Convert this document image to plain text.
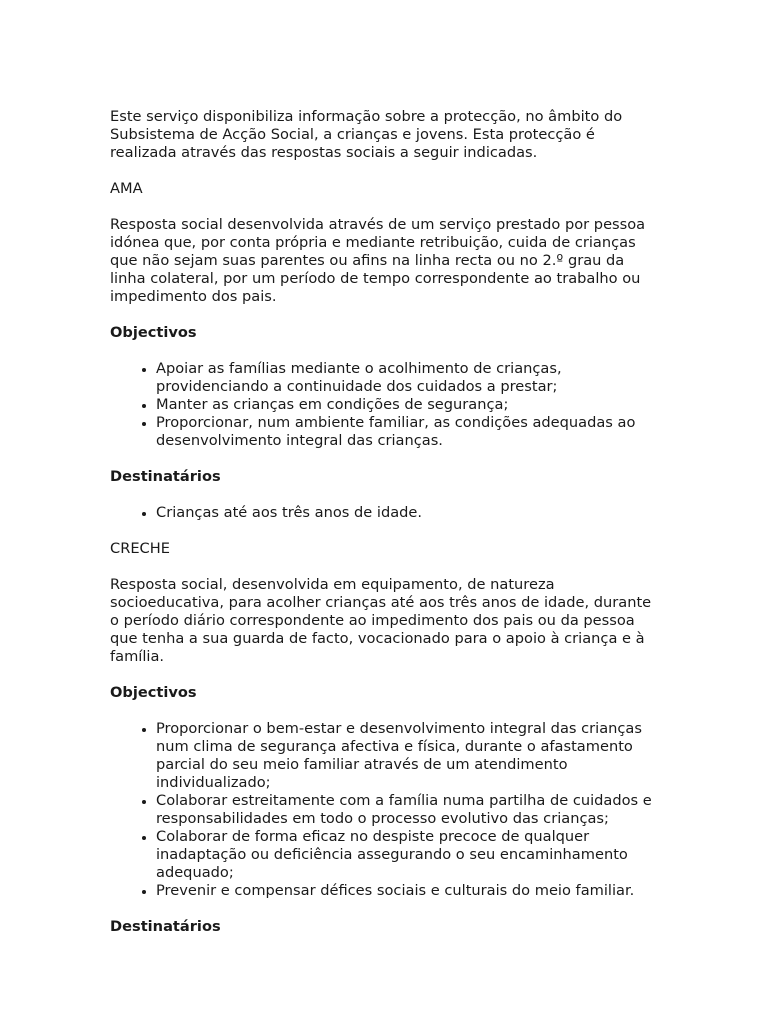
Este serviço disponibiliza informação sobre a protecção, no âmbito do Subsistema de Acção Social, a crianças e jovens. Esta protecção é realizada através das respostas sociais a seguir indicadas.

AMA

Resposta social desenvolvida através de um serviço prestado por pessoa idónea que, por conta própria e mediante retribuição, cuida de crianças que não sejam suas parentes ou afins na linha recta ou no 2.º grau da linha colateral, por um período de tempo correspondente ao trabalho ou impedimento dos pais.

Objectivos

• Apoiar as famílias mediante o acolhimento de crianças, providenciando a continuidade dos cuidados a prestar;
• Manter as crianças em condições de segurança;
• Proporcionar, num ambiente familiar, as condições adequadas ao desenvolvimento integral das crianças.

Destinatários

• Crianças até aos três anos de idade.

CRECHE

Resposta social, desenvolvida em equipamento, de natureza socioeducativa, para acolher crianças até aos três anos de idade, durante o período diário correspondente ao impedimento dos pais ou da pessoa que tenha a sua guarda de facto, vocacionado para o apoio à criança e à família.

Objectivos

• Proporcionar o bem-estar e desenvolvimento integral das crianças num clima de segurança afectiva e física, durante o afastamento parcial do seu meio familiar através de um atendimento individualizado;
• Colaborar estreitamente com a família numa partilha de cuidados e responsabilidades em todo o processo evolutivo das crianças;
• Colaborar de forma eficaz no despiste precoce de qualquer inadaptação ou deficiência assegurando o seu encaminhamento adequado;
• Prevenir e compensar défices sociais e culturais do meio familiar.

Destinatários
